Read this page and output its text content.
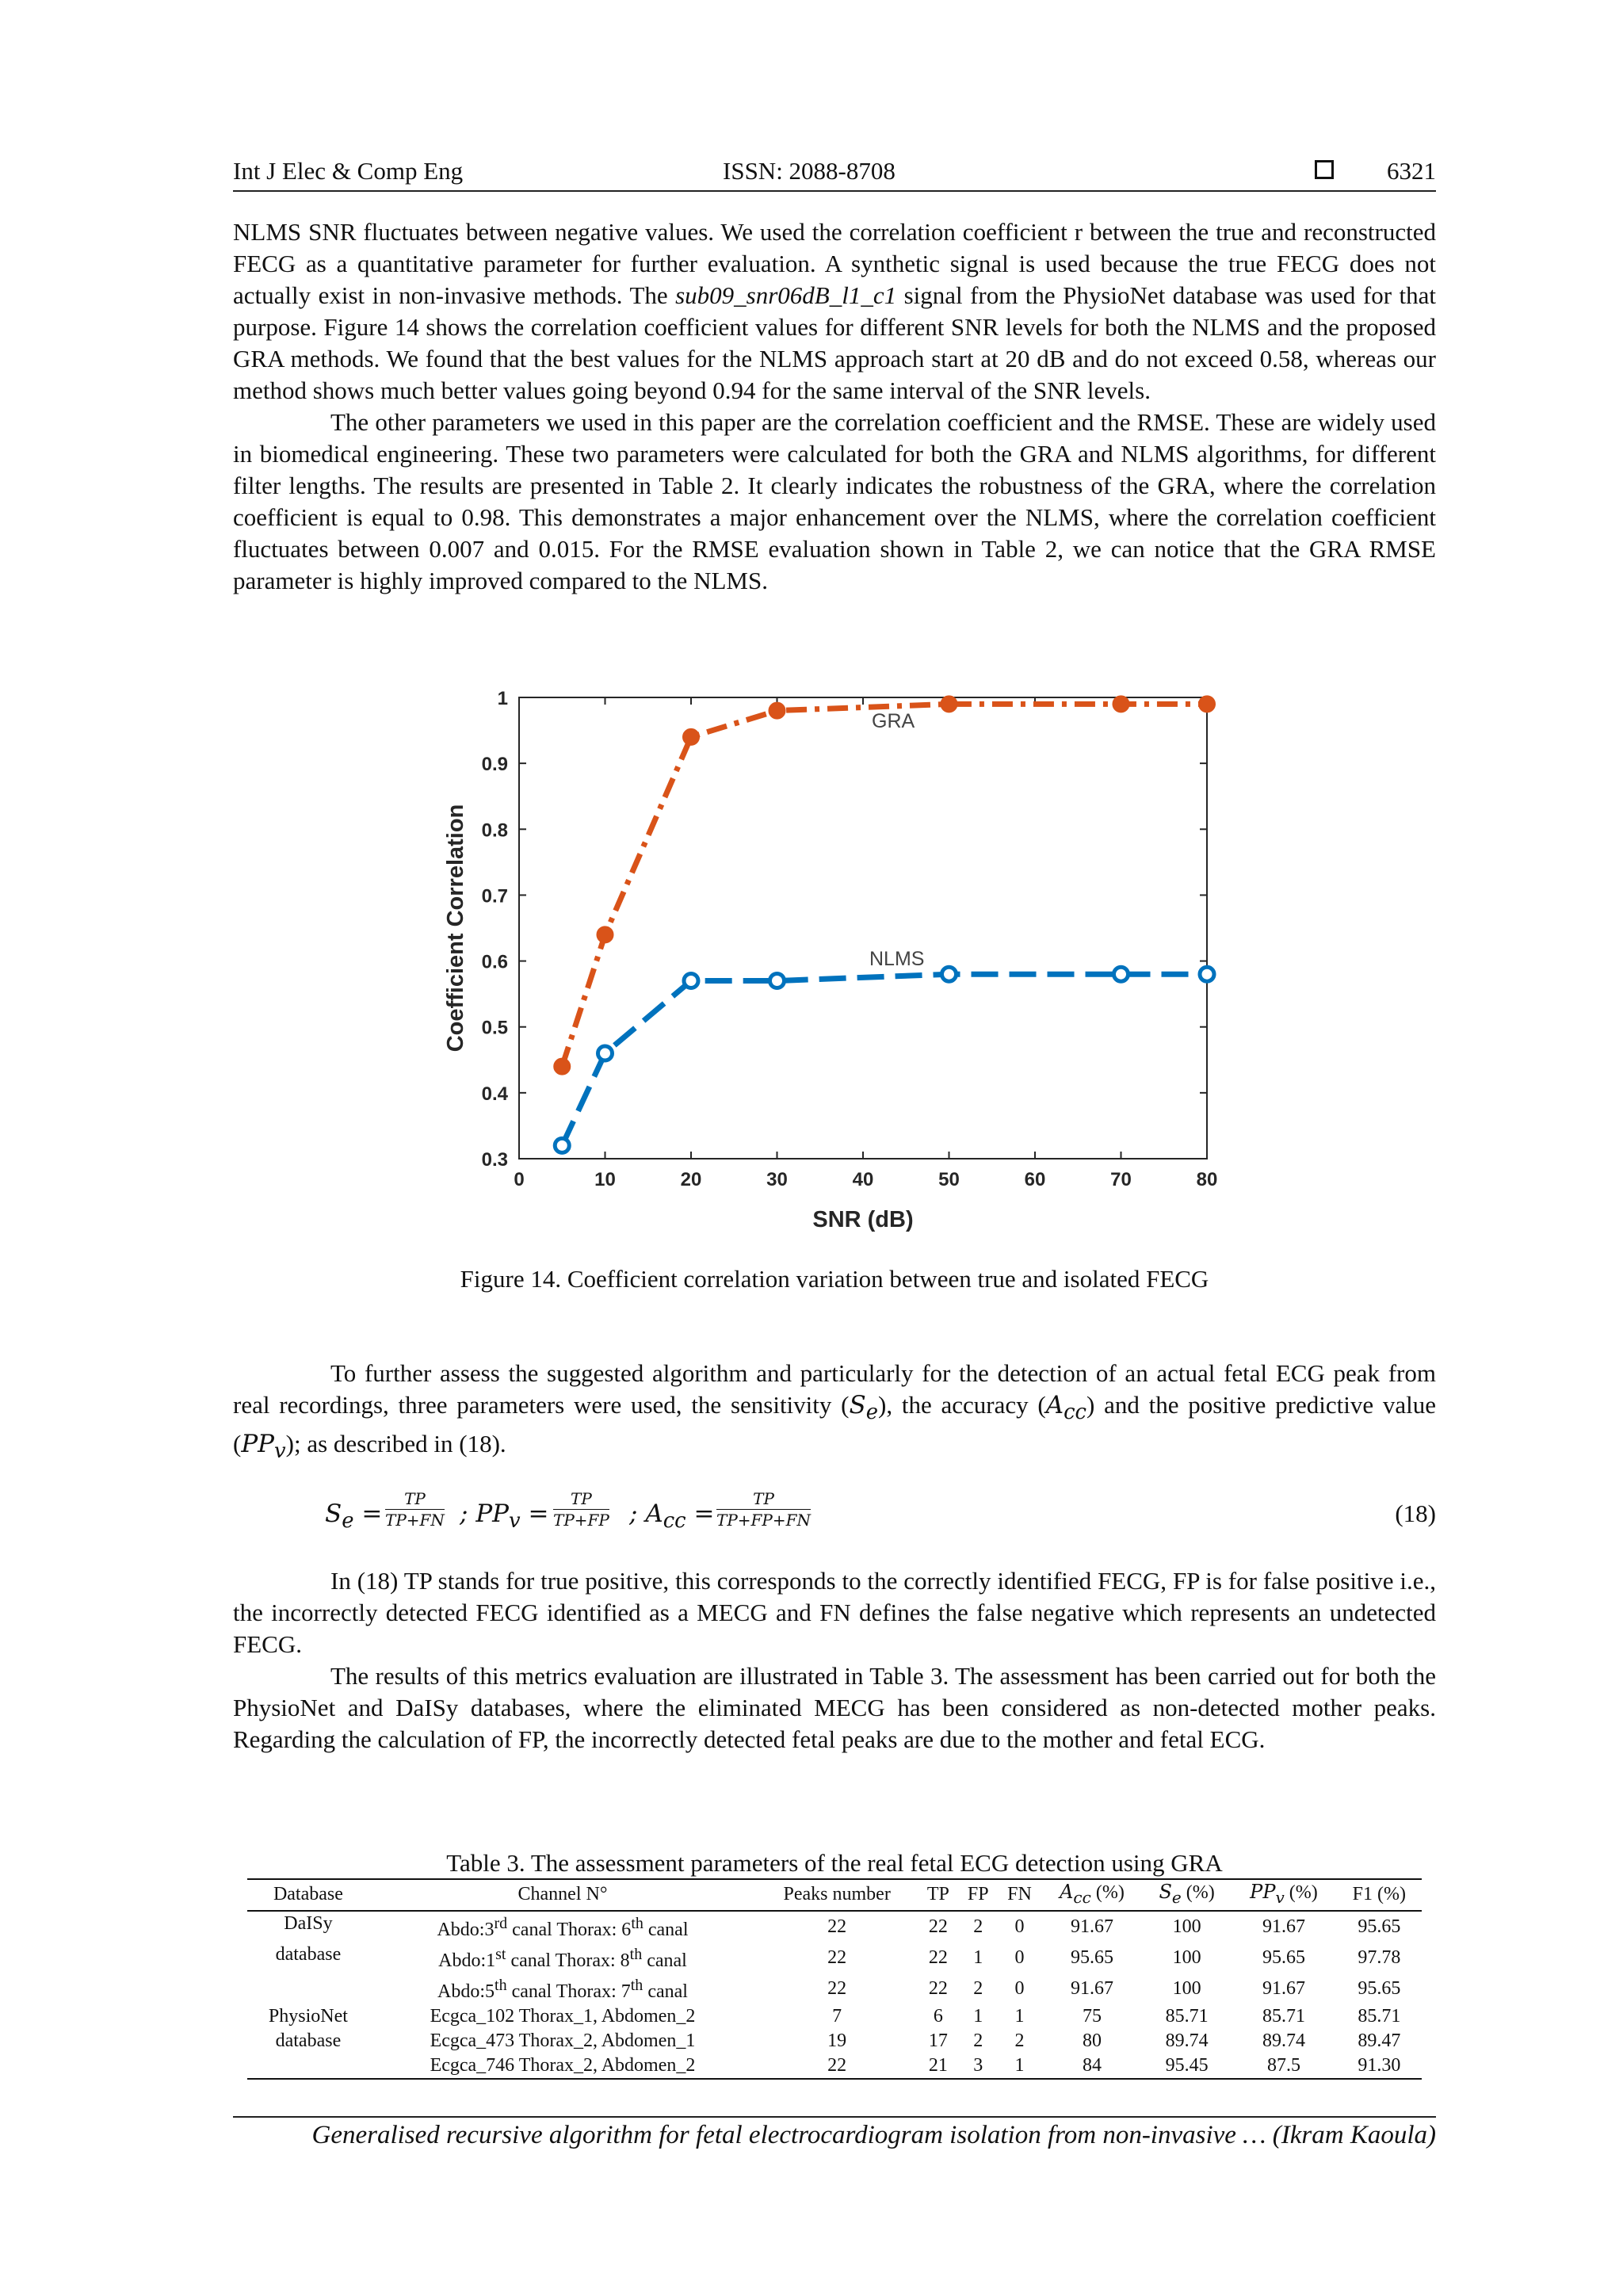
Int J Elec & Comp Eng	ISSN: 2088-8708	6321

NLMS SNR fluctuates between negative values. We used the correlation coefficient r between the true and reconstructed FECG as a quantitative parameter for further evaluation. A synthetic signal is used because the true FECG does not actually exist in non-invasive methods. The sub09_snr06dB_l1_c1 signal from the PhysioNet database was used for that purpose. Figure 14 shows the correlation coefficient values for different SNR levels for both the NLMS and the proposed GRA methods. We found that the best values for the NLMS approach start at 20 dB and do not exceed 0.58, whereas our method shows much better values going beyond 0.94 for the same interval of the SNR levels.

The other parameters we used in this paper are the correlation coefficient and the RMSE. These are widely used in biomedical engineering. These two parameters were calculated for both the GRA and NLMS algorithms, for different filter lengths. The results are presented in Table 2. It clearly indicates the robustness of the GRA, where the correlation coefficient is equal to 0.98. This demonstrates a major enhancement over the NLMS, where the correlation coefficient fluctuates between 0.007 and 0.015. For the RMSE evaluation shown in Table 2, we can notice that the GRA RMSE parameter is highly improved compared to the NLMS.

0	10	20	30	40	50	60	70	80
0.3
0.4
0.5
0.6
0.7
0.8
0.9
1
SNR (dB)
Coefficient Correlation
GRA
NLMS
Figure 14. Coefficient correlation variation between true and isolated FECG

To further assess the suggested algorithm and particularly for the detection of an actual fetal ECG peak from real recordings, three parameters were used, the sensitivity $(S_e)$, the accuracy $(A_{cc})$ and the positive predictive value $(PP_v)$; as described in (18).

$S_e = \frac{TP}{TP+FN}$ ; $PP_v = \frac{TP}{TP+FP}$ ; $A_{cc} = \frac{TP}{TP+FP+FN}$	(18)

In (18) TP stands for true positive, this corresponds to the correctly identified FECG, FP is for false positive i.e., the incorrectly detected FECG identified as a MECG and FN defines the false negative which represents an undetected FECG.

The results of this metrics evaluation are illustrated in Table 3. The assessment has been carried out for both the PhysioNet and DaISy databases, where the eliminated MECG has been considered as non-detected mother peaks. Regarding the calculation of FP, the incorrectly detected fetal peaks are due to the mother and fetal ECG.

Table 3. The assessment parameters of the real fetal ECG detection using GRA
Database	Channel N°	Peaks number	TP	FP	FN	$A_{cc}$ (%)	$S_e$ (%)	$PP_v$ (%)	F1 (%)
DaISy	Abdo:3rd canal Thorax: 6th canal	22	22	2	0	91.67	100	91.67	95.65
database	Abdo:1st canal Thorax: 8th canal	22	22	1	0	95.65	100	95.65	97.78
	Abdo:5th canal Thorax: 7th canal	22	22	2	0	91.67	100	91.67	95.65
PhysioNet	Ecgca_102 Thorax_1, Abdomen_2	7	6	1	1	75	85.71	85.71	85.71
database	Ecgca_473 Thorax_2, Abdomen_1	19	17	2	2	80	89.74	89.74	89.47
	Ecgca_746 Thorax_2, Abdomen_2	22	21	3	1	84	95.45	87.5	91.30
Generalised recursive algorithm for fetal electrocardiogram isolation from non-invasive … (Ikram Kaoula)
